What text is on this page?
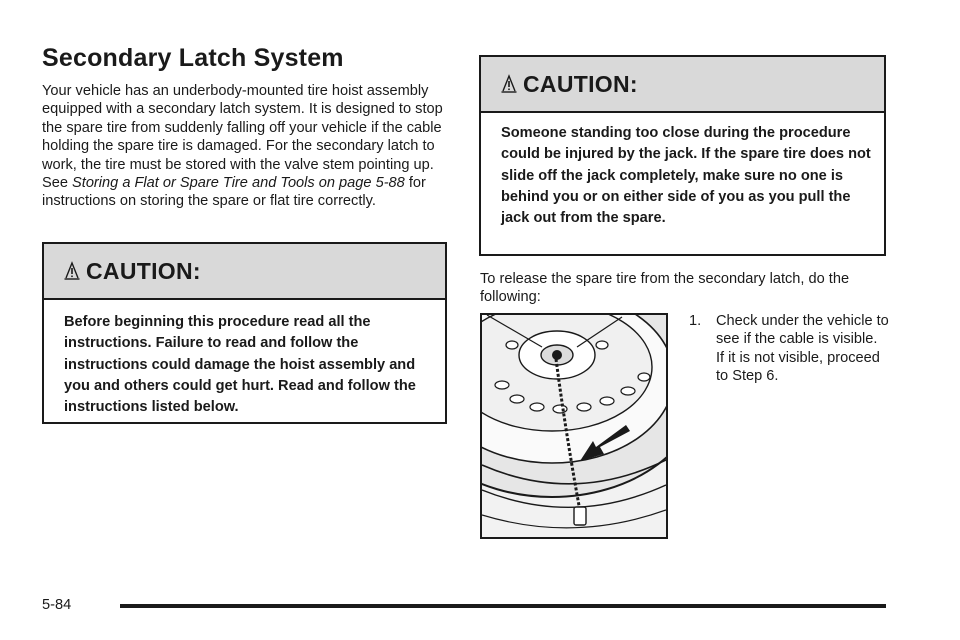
Secondary Latch System

Your vehicle has an underbody-mounted tire hoist assembly equipped with a secondary latch system. It is designed to stop the spare tire from suddenly falling off your vehicle if the cable holding the spare tire is damaged. For the secondary latch to work, the tire must be stored with the valve stem pointing up. See Storing a Flat or Spare Tire and Tools on page 5-88 for instructions on storing the spare or flat tire correctly.

CAUTION:

Before beginning this procedure read all the instructions. Failure to read and follow the instructions could damage the hoist assembly and you and others could get hurt. Read and follow the instructions listed below.

CAUTION:

Someone standing too close during the procedure could be injured by the jack. If the spare tire does not slide off the jack completely, make sure no one is behind you or on either side of you as you pull the jack out from the spare.

To release the spare tire from the secondary latch, do the following:

1. Check under the vehicle to see if the cable is visible. If it is not visible, proceed to Step 6.
5-84
